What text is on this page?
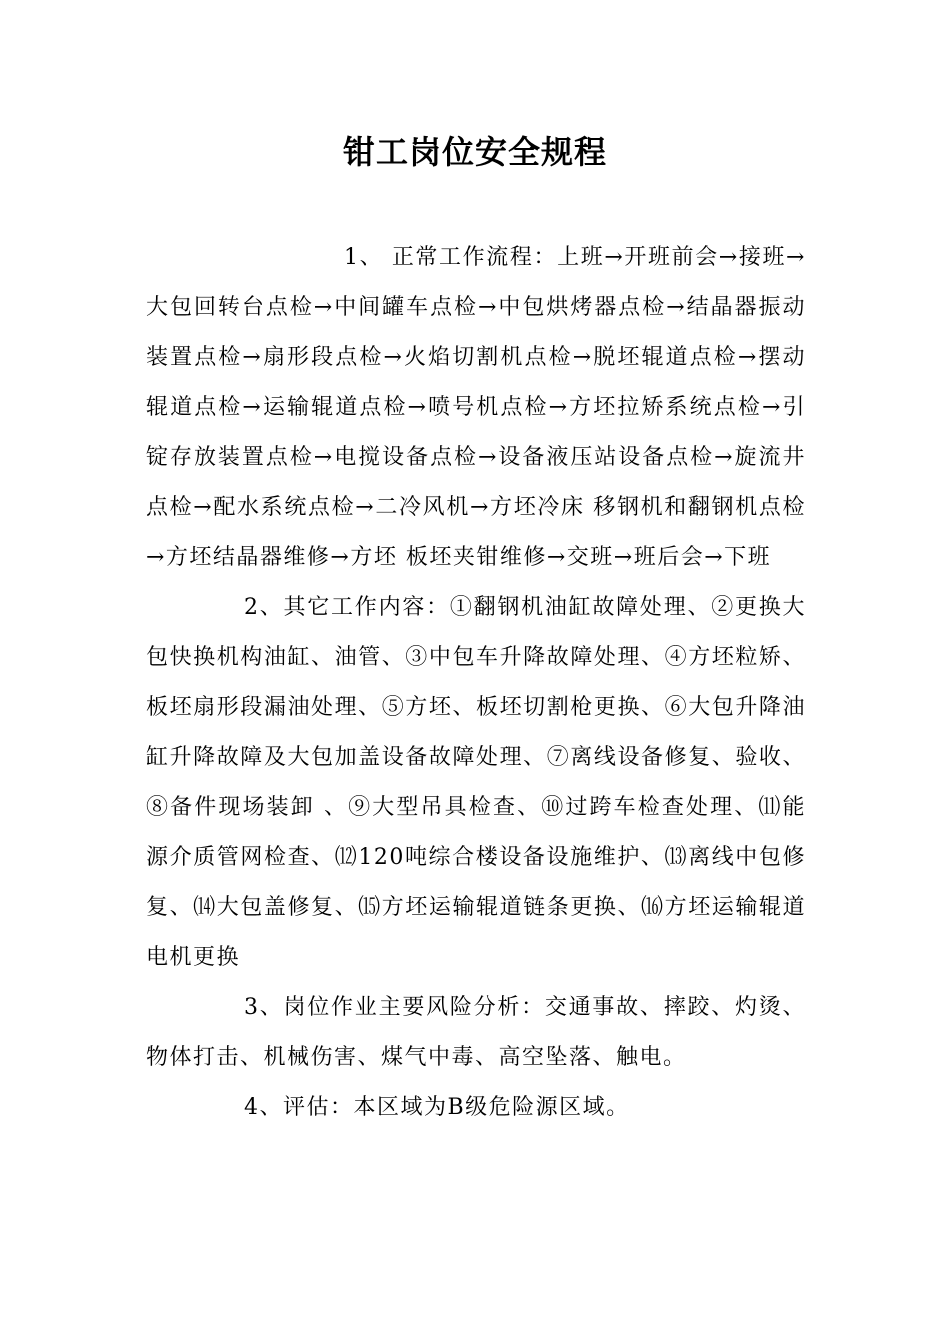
钳工岗位安全规程

1、 正常工作流程：上班→开班前会→接班→大包回转台点检→中间罐车点检→中包烘烤器点检→结晶器振动装置点检→扇形段点检→火焰切割机点检→脱坯辊道点检→摆动辊道点检→运输辊道点检→喷号机点检→方坯拉矫系统点检→引锭存放装置点检→电搅设备点检→设备液压站设备点检→旋流井点检→配水系统点检→二冷风机→方坯冷床 移钢机和翻钢机点检→方坯结晶器维修→方坯 板坯夹钳维修→交班→班后会→下班

2、其它工作内容：①翻钢机油缸故障处理、②更换大包快换机构油缸、油管、③中包车升降故障处理、④方坯粒矫、板坯扇形段漏油处理、⑤方坯、板坯切割枪更换、⑥大包升降油缸升降故障及大包加盖设备故障处理、⑦离线设备修复、验收、⑧备件现场装卸 、⑨大型吊具检查、⑩过跨车检查处理、⑾能源介质管网检查、⑿120吨综合楼设备设施维护、⒀离线中包修复、⒁大包盖修复、⒂方坯运输辊道链条更换、⒃方坯运输辊道电机更换

3、岗位作业主要风险分析：交通事故、摔跤、灼烫、物体打击、机械伤害、煤气中毒、高空坠落、触电。

4、评估：本区域为B级危险源区域。
